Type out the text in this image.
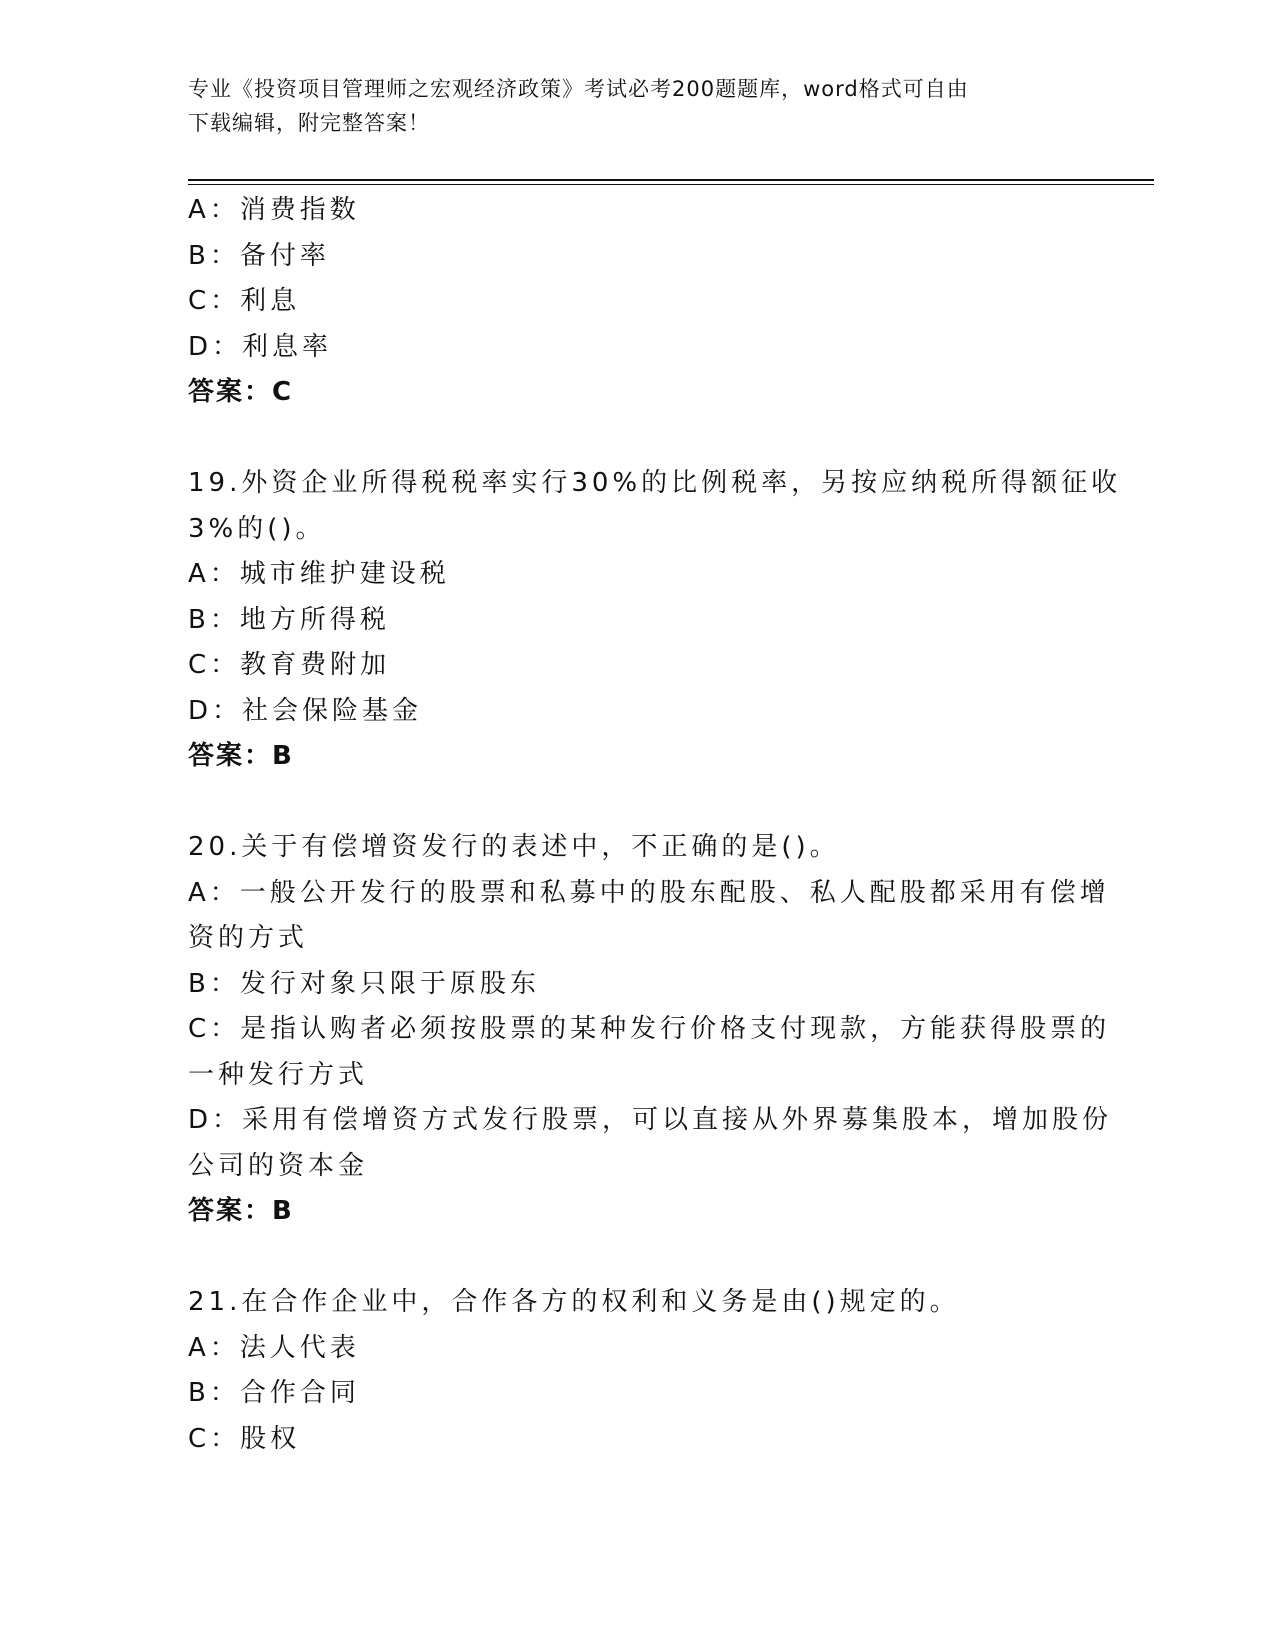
专业《投资项目管理师之宏观经济政策》考试必考200题题库，word格式可自由
下载编辑，附完整答案！

A：消费指数

B：备付率

C：利息

D：利息率

答案：C

19.外资企业所得税税率实行30%的比例税率，另按应纳税所得额征收

3%的()。

A：城市维护建设税

B：地方所得税

C：教育费附加

D：社会保险基金

答案：B

20.关于有偿增资发行的表述中，不正确的是()。

A：一般公开发行的股票和私募中的股东配股、私人配股都采用有偿增

资的方式

B：发行对象只限于原股东

C：是指认购者必须按股票的某种发行价格支付现款，方能获得股票的

一种发行方式

D：采用有偿增资方式发行股票，可以直接从外界募集股本，增加股份

公司的资本金

答案：B

21.在合作企业中，合作各方的权利和义务是由()规定的。

A：法人代表

B：合作合同

C：股权
